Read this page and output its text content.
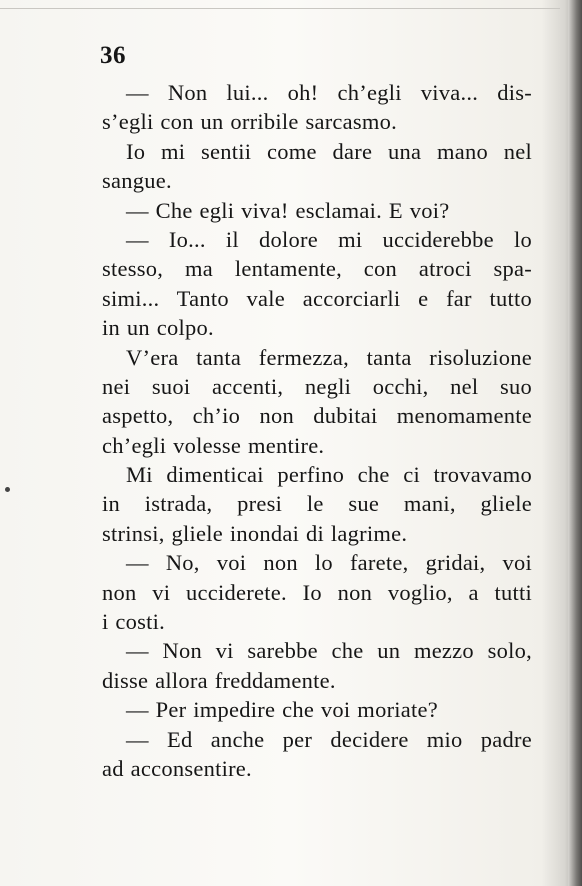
36
— Non lui... oh! ch’egli viva... dis-
s’egli con un orribile sarcasmo.
Io mi sentii come dare una mano nel
sangue.
— Che egli viva! esclamai. E voi?
— Io... il dolore mi ucciderebbe lo
stesso, ma lentamente, con atroci spa-
simi... Tanto vale accorciarli e far tutto
in un colpo.
V’era tanta fermezza, tanta risoluzione
nei suoi accenti, negli occhi, nel suo
aspetto, ch’io non dubitai menomamente
ch’egli volesse mentire.
Mi dimenticai perfino che ci trovavamo
in istrada, presi le sue mani, gliele
strinsi, gliele inondai di lagrime.
— No, voi non lo farete, gridai, voi
non vi ucciderete. Io non voglio, a tutti
i costi.
— Non vi sarebbe che un mezzo solo,
disse allora freddamente.
— Per impedire che voi moriate?
— Ed anche per decidere mio padre
ad acconsentire.
